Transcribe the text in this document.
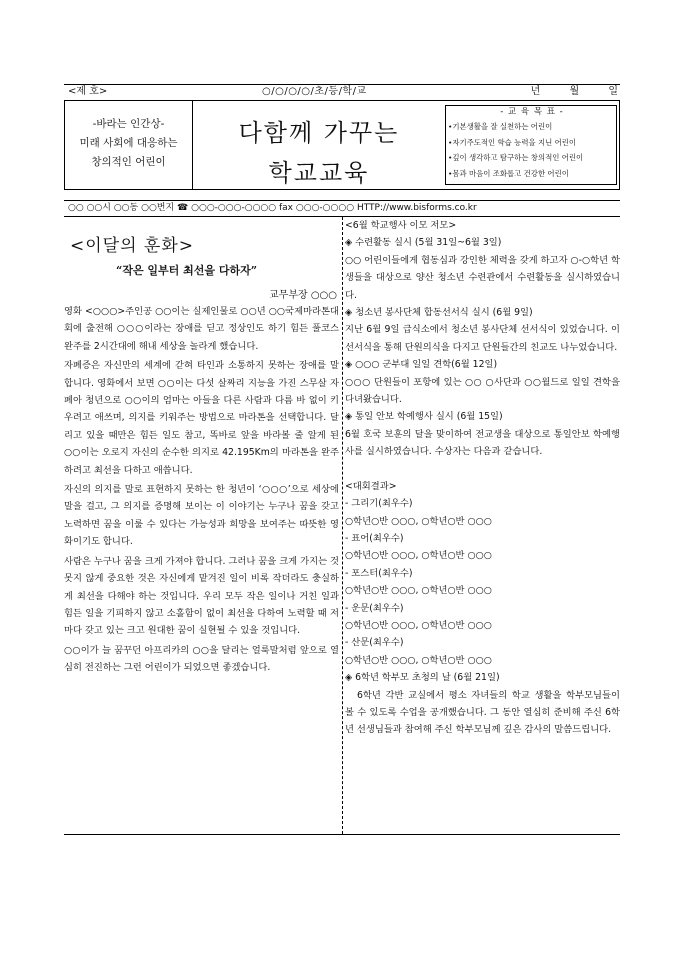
<제 호>	○/○/○/○/초/등/학/교	년 월 일
-바라는 인간상-
미래 사회에 대응하는
창의적인 어린이
다함께 가꾸는
학교교육
- 교 육 목 표 -
•기본생활을 잘 실천하는 어린이
•자기주도적인 학습 능력을 지닌 어린이
•깊이 생각하고 탐구하는 창의적인 어린이
•몸과 마음이 조화롭고 건강한 어린이
○○ ○○시 ○○동 ○○번지 ☎ ○○○-○○○-○○○○ fax ○○○-○○○○ HTTP://www.bisforms.co.kr
<이달의 훈화>
“작은 일부터 최선을 다하자”
교무부장 ○○○

영화 <○○○>주인공 ○○이는 실제인물로 ○○년 ○○국제마라톤대회에 출전해 ○○○이라는 장애를 딛고 정상인도 하기 힘든 풀코스 완주를 2시간대에 해내 세상을 놀라게 했습니다.

자폐증은 자신만의 세계에 갇혀 타인과 소통하지 못하는 장애를 말합니다. 영화에서 보면 ○○이는 다섯 살짜리 지능을 가진 스무살 자폐아 청년으로 ○○이의 엄마는 아들을 다른 사람과 다름 바 없이 키우려고 애쓰며, 의지를 키워주는 방법으로 마라톤을 선택합니다. 달리고 있을 때만은 힘든 일도 참고, 똑바로 앞을 바라볼 줄 알게 된 ○○이는 오로지 자신의 순수한 의지로 42.195Km의 마라톤을 완주하려고 최선을 다하고 애씁니다.

자신의 의지를 말로 표현하지 못하는 한 청년이 ‘○○○’으로 세상에 말을 걸고, 그 의지를 증명해 보이는 이 이야기는 누구나 꿈을 갖고 노력하면 꿈을 이룰 수 있다는 가능성과 희망을 보여주는 따뜻한 영화이기도 합니다.

사람은 누구나 꿈을 크게 가져야 합니다. 그러나 꿈을 크게 가지는 것 못지 않게 중요한 것은 자신에게 맡겨진 일이 비록 작더라도 충실하게 최선을 다해야 하는 것입니다. 우리 모두 작은 일이나 거친 일과 힘든 일을 기피하지 않고 소홀함이 없이 최선을 다하여 노력할 때 저마다 갖고 있는 크고 원대한 꿈이 실현될 수 있을 것입니다.

○○이가 늘 꿈꾸던 아프리카의 ○○을 달리는 얼룩말처럼 앞으로 열심히 전진하는 그런 어린이가 되었으면 좋겠습니다.

<6월 학교행사 이모 저모>
◈ 수련활동 실시 (5월 31일~6월 3일)
○○ 어린이들에게 협동심과 강인한 체력을 갖게 하고자 ○-○학년 학생들을 대상으로 양산 청소년 수련관에서 수련활동을 실시하였습니다.
◈ 청소년 봉사단체 합동선서식 실시 (6월 9일)
지난 6월 9일 급식소에서 청소년 봉사단체 선서식이 있었습니다. 이 선서식을 통해 단원의식을 다지고 단원들간의 친교도 나누었습니다.
◈ ○○○ 군부대 일일 견학(6월 12일)
○○○ 단원들이 포항에 있는 ○○ ○사단과 ○○월드로 일일 견학을 다녀왔습니다.
◈ 통일 안보 학예행사 실시 (6월 15일)
6월 호국 보훈의 달을 맞이하여 전교생을 대상으로 통일안보 학예행사를 실시하였습니다. 수상자는 다음과 같습니다.
<대회결과>
- 그리기(최우수)
○학년○반 ○○○, ○학년○반 ○○○
- 표어(최우수)
○학년○반 ○○○, ○학년○반 ○○○
- 포스터(최우수)
○학년○반 ○○○, ○학년○반 ○○○
- 운문(최우수)
○학년○반 ○○○, ○학년○반 ○○○
- 산문(최우수)
○학년○반 ○○○, ○학년○반 ○○○
◈ 6학년 학부모 초청의 날 (6월 21일)
6학년 각반 교실에서 평소 자녀들의 학교 생활을 학부모님들이 볼 수 있도록 수업을 공개했습니다. 그 동안 열심히 준비해 주신 6학년 선생님들과 참여해 주신 학부모님께 깊은 감사의 말씀드립니다.
